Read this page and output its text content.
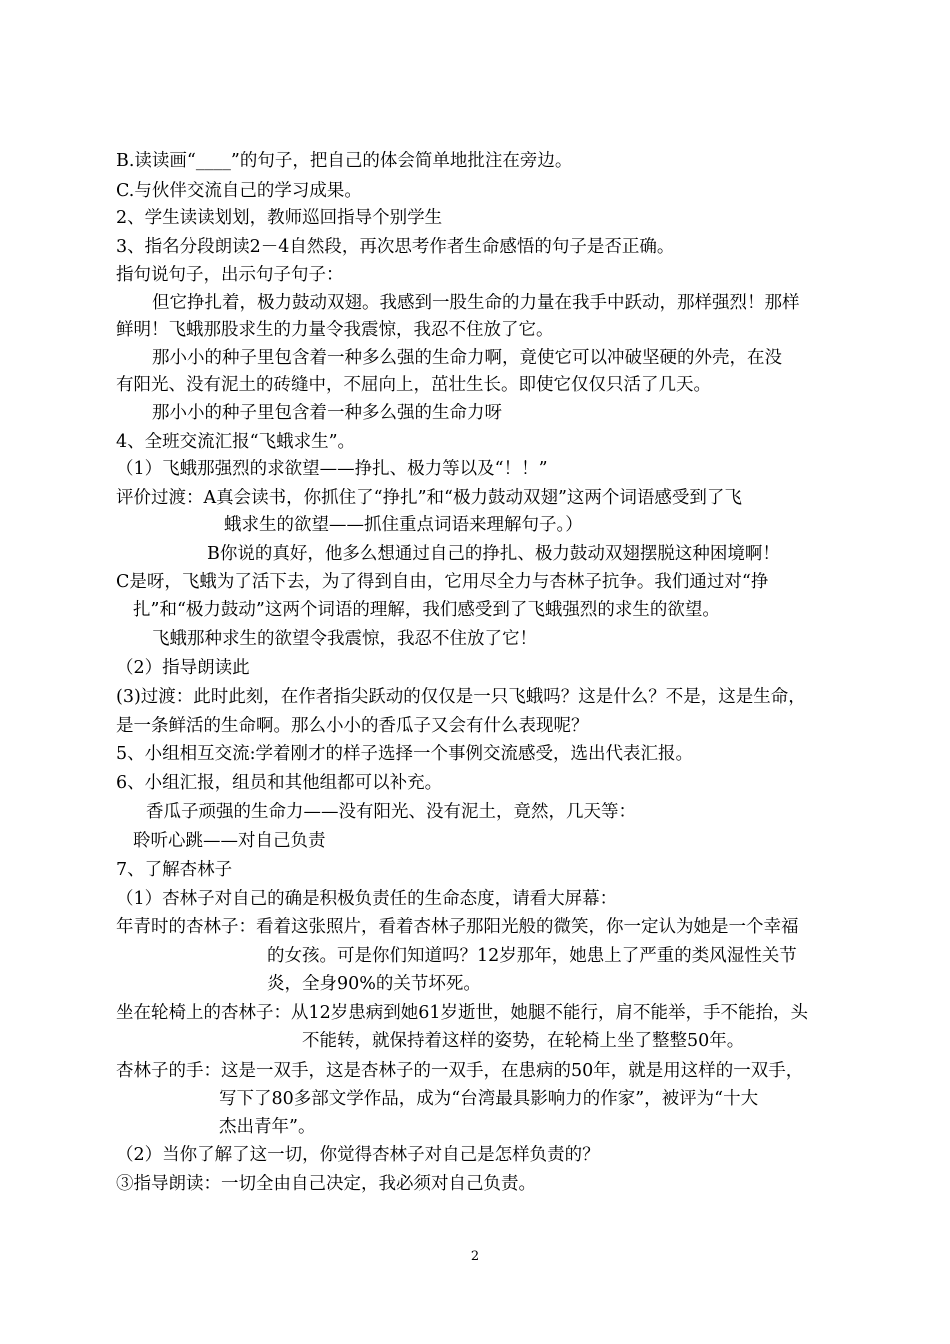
B.读读画“____”的句子，把自己的体会简单地批注在旁边。
C.与伙伴交流自己的学习成果。
2、学生读读划划，教师巡回指导个别学生
3、指名分段朗读2－4自然段，再次思考作者生命感悟的句子是否正确。
指句说句子，出示句子句子：
但它挣扎着，极力鼓动双翅。我感到一股生命的力量在我手中跃动，那样强烈！那样
鲜明！飞蛾那股求生的力量令我震惊，我忍不住放了它。
那小小的种子里包含着一种多么强的生命力啊，竟使它可以冲破坚硬的外壳，在没
有阳光、没有泥土的砖缝中，不屈向上，茁壮生长。即使它仅仅只活了几天。
那小小的种子里包含着一种多么强的生命力呀
4、全班交流汇报“飞蛾求生”。
（1）飞蛾那强烈的求欲望——挣扎、极力等以及“！！”
评价过渡：A真会读书，你抓住了“挣扎”和“极力鼓动双翅”这两个词语感受到了飞
蛾求生的欲望——抓住重点词语来理解句子。）
B你说的真好，他多么想通过自己的挣扎、极力鼓动双翅摆脱这种困境啊！
C是呀，飞蛾为了活下去，为了得到自由，它用尽全力与杏林子抗争。我们通过对“挣
扎”和“极力鼓动”这两个词语的理解，我们感受到了飞蛾强烈的求生的欲望。
飞蛾那种求生的欲望令我震惊，我忍不住放了它！
（2）指导朗读此
(3)过渡：此时此刻，在作者指尖跃动的仅仅是一只飞蛾吗？这是什么？不是，这是生命，
是一条鲜活的生命啊。那么小小的香瓜子又会有什么表现呢？
5、小组相互交流:学着刚才的样子选择一个事例交流感受，选出代表汇报。
6、小组汇报，组员和其他组都可以补充。
香瓜子顽强的生命力——没有阳光、没有泥土，竟然，几天等：
聆听心跳——对自己负责
7、了解杏林子
（1）杏林子对自己的确是积极负责任的生命态度，请看大屏幕：
年青时的杏林子：看着这张照片，看着杏林子那阳光般的微笑，你一定认为她是一个幸福
的女孩。可是你们知道吗？12岁那年，她患上了严重的类风湿性关节
炎，全身90%的关节坏死。
坐在轮椅上的杏林子：从12岁患病到她61岁逝世，她腿不能行，肩不能举，手不能抬，头
不能转，就保持着这样的姿势，在轮椅上坐了整整50年。
杏林子的手：这是一双手，这是杏林子的一双手，在患病的50年，就是用这样的一双手，
写下了80多部文学作品，成为“台湾最具影响力的作家”，被评为“十大
杰出青年”。
（2）当你了解了这一切，你觉得杏林子对自己是怎样负责的？
③指导朗读：一切全由自己决定，我必须对自己负责。
2
